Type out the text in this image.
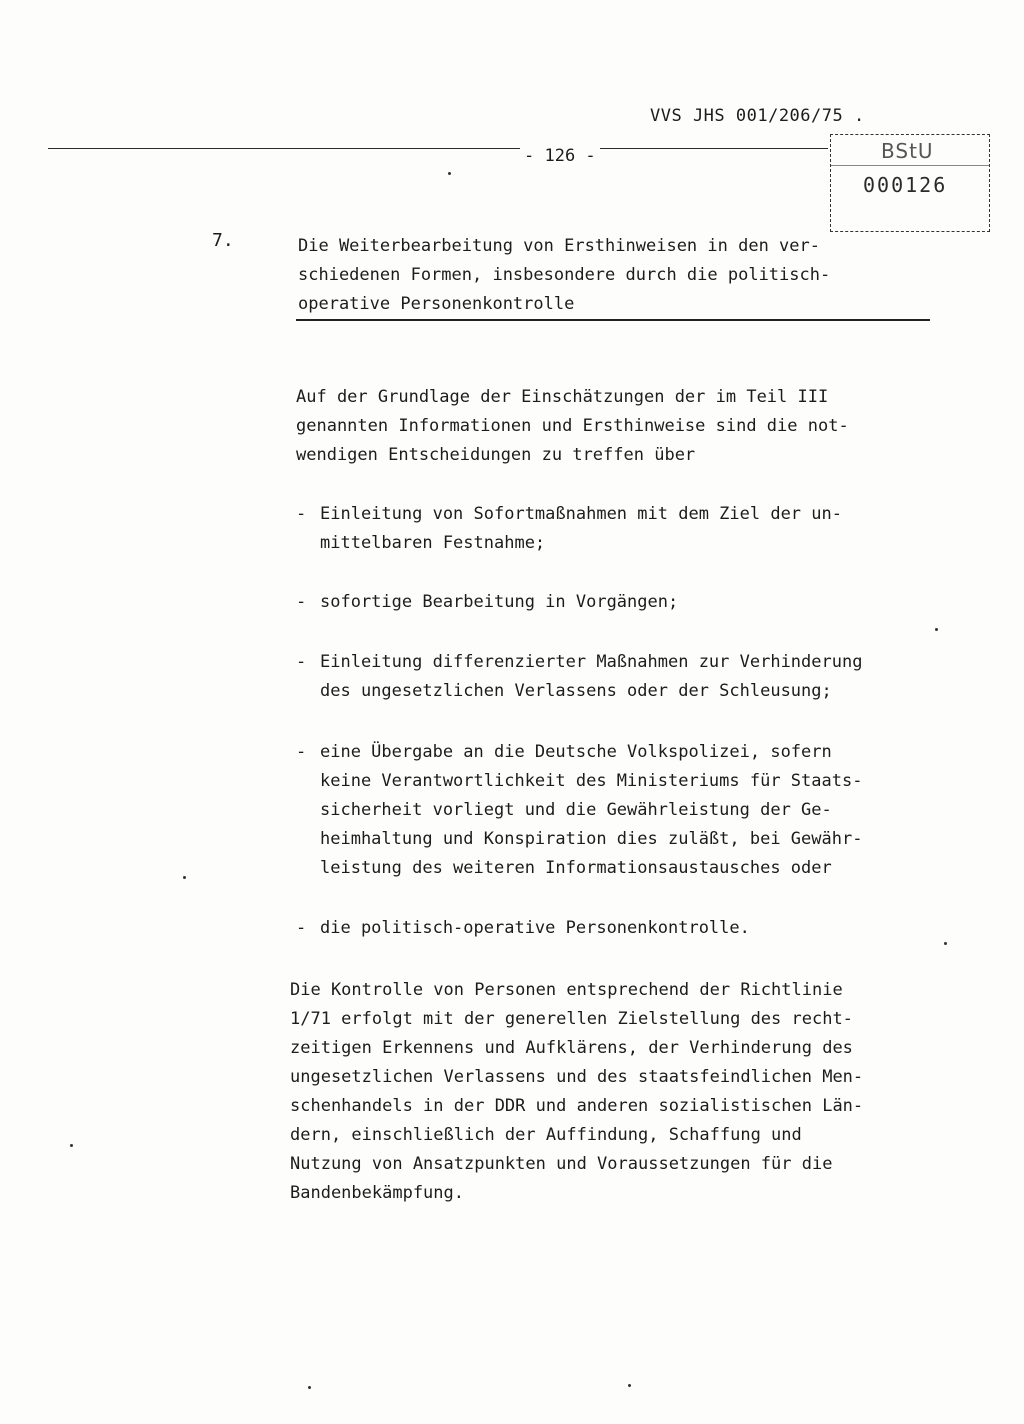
VVS JHS 001/206/75 .
- 126 -	BStU
000126
7.	Die Weiterbearbeitung von Ersthinweisen in den ver-
schiedenen Formen, insbesondere durch die politisch-
operative Personenkontrolle

Auf der Grundlage der Einschätzungen der im Teil III
genannten Informationen und Ersthinweise sind die not-
wendigen Entscheidungen zu treffen über

- Einleitung von Sofortmaßnahmen mit dem Ziel der un-
mittelbaren Festnahme;
- sofortige Bearbeitung in Vorgängen;
- Einleitung differenzierter Maßnahmen zur Verhinderung
des ungesetzlichen Verlassens oder der Schleusung;
- eine Übergabe an die Deutsche Volkspolizei, sofern
keine Verantwortlichkeit des Ministeriums für Staats-
sicherheit vorliegt und die Gewährleistung der Ge-
heimhaltung und Konspiration dies zuläßt, bei Gewähr-
leistung des weiteren Informationsaustausches oder
- die politisch-operative Personenkontrolle.

Die Kontrolle von Personen entsprechend der Richtlinie
1/71 erfolgt mit der generellen Zielstellung des recht-
zeitigen Erkennens und Aufklärens, der Verhinderung des
ungesetzlichen Verlassens und des staatsfeindlichen Men-
schenhandels in der DDR und anderen sozialistischen Län-
dern, einschließlich der Auffindung, Schaffung und
Nutzung von Ansatzpunkten und Voraussetzungen für die
Bandenbekämpfung.
